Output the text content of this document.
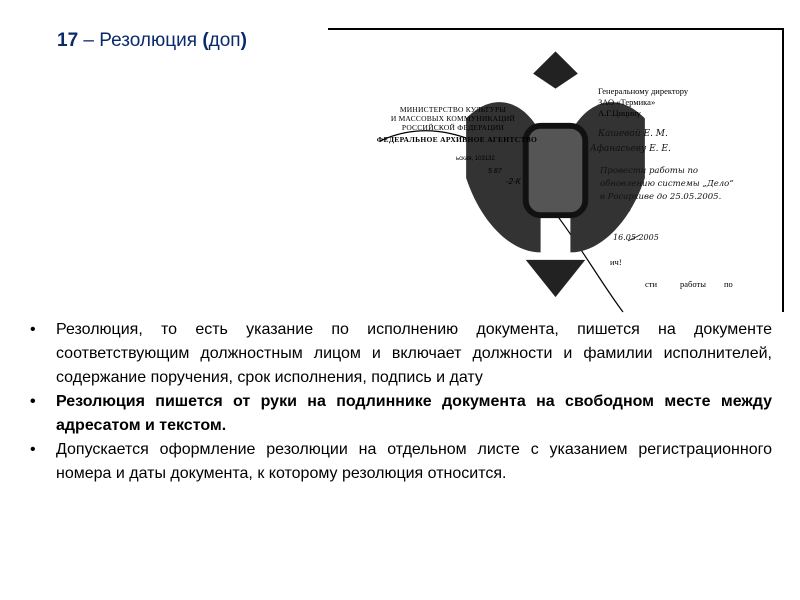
17 – Резолюция (доп)
МИНИСТЕРСТВО КУЛЬТУРЫ
И МАССОВЫХ КОММУНИКАЦИЙ
РОССИЙСКОЙ ФЕДЕРАЦИИ
ФЕДЕРАЛЬНОЕ АРХИВНОЕ АГЕНТСТВО
ьская, 103132
5 87
-2-К
Генеральному директору
ЗАО «Термика»
А.Г.Цицину
Кашевой Е. М.
Афанасьеву Е. Е.
Провести работы по
обновлению системы „Дело“
в Росархиве до 25.05.2005.
16.05.2005
ич!
сти	работы по
• Резолюция, то есть указание по исполнению документа, пишется на документе соответствующим должностным лицом и включает должности и фамилии исполнителей, содержание поручения, срок исполнения, подпись и дату
• Резолюция пишется от руки на подлиннике документа на свободном месте между адресатом и текстом.
• Допускается оформление резолюции на отдельном листе с указанием регистрационного номера и даты документа, к которому резолюция относится.
